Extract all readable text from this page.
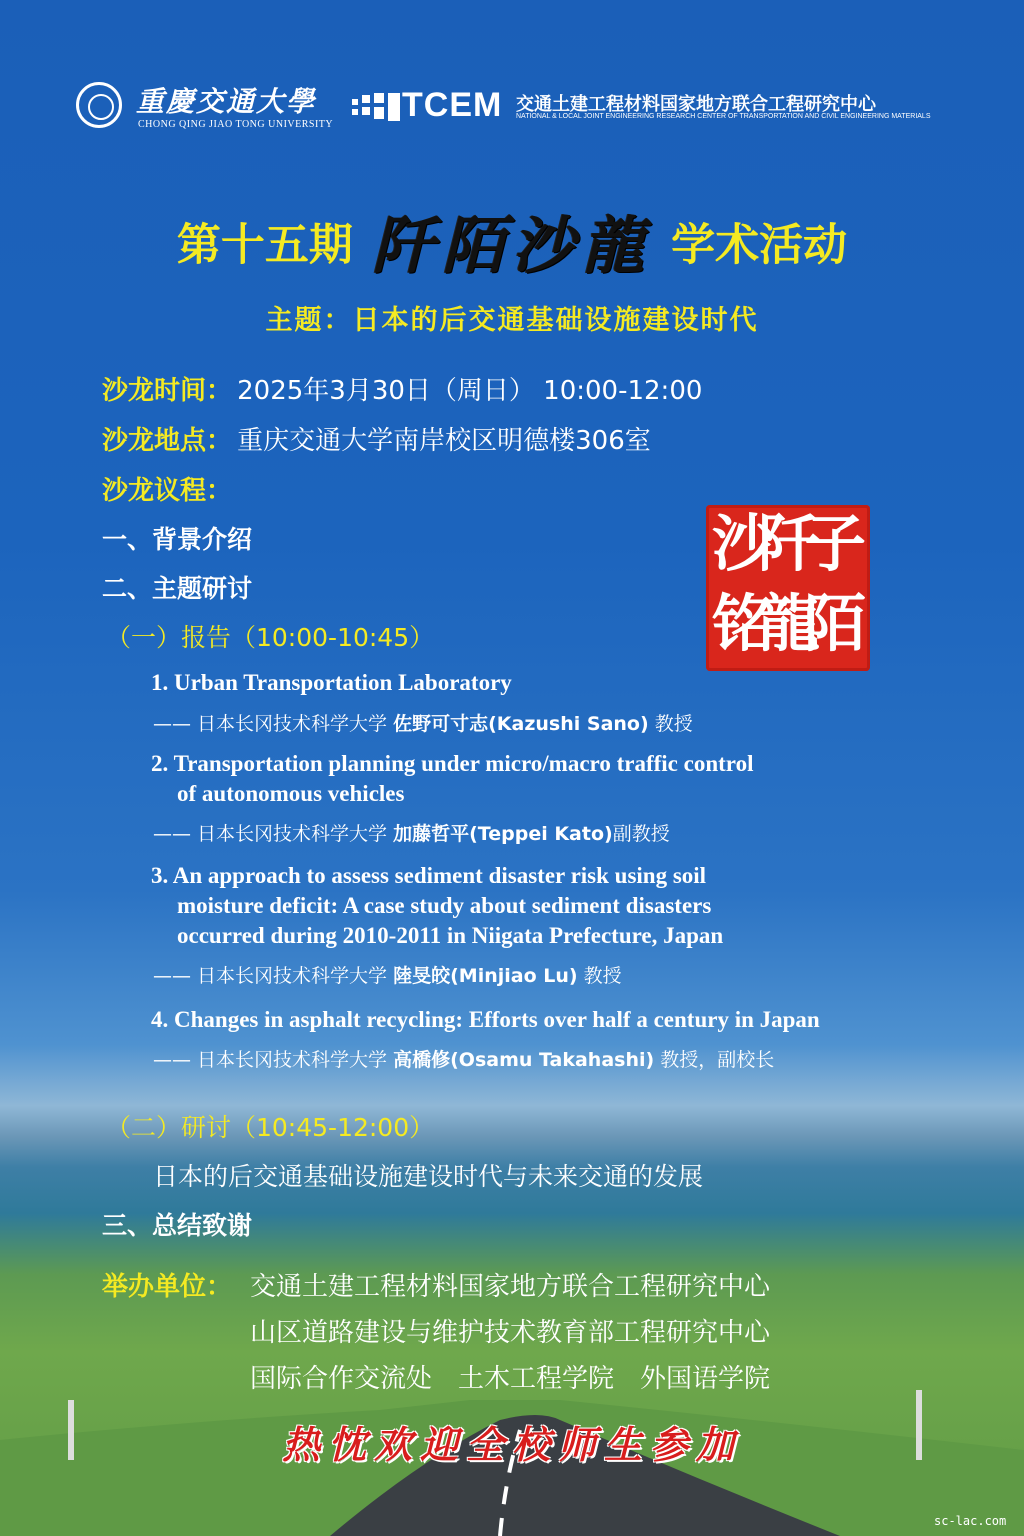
重慶交通大學
CHONG QING JIAO TONG UNIVERSITY
TCEM 交通土建工程材料国家地方联合工程研究中心
NATIONAL & LOCAL JOINT ENGINEERING RESEARCH CENTER OF TRANSPORTATION AND CIVIL ENGINEERING MATERIALS
第十五期 阡陌沙龍 学术活动
主题：日本的后交通基础设施建设时代
沙龙时间： 2025年3月30日（周日） 10:00-12:00
沙龙地点： 重庆交通大学南岸校区明德楼306室
沙龙议程：
一、背景介绍
二、主题研讨
（一）报告（10:00-10:45）
子
陌
阡
沙
龍
铭
1. Urban Transportation Laboratory
—— 日本长冈技术科学大学 佐野可寸志(Kazushi Sano) 教授
2. Transportation planning under micro/macro traffic control
of autonomous vehicles
—— 日本长冈技术科学大学 加藤哲平(Teppei Kato)副教授
3. An approach to assess sediment disaster risk using soil
moisture deficit: A case study about sediment disasters
occurred during 2010-2011 in Niigata Prefecture, Japan
—— 日本长冈技术科学大学 陸旻皎(Minjiao Lu) 教授
4. Changes in asphalt recycling: Efforts over half a century in Japan
—— 日本长冈技术科学大学 高橋修(Osamu Takahashi) 教授，副校长
（二）研讨（10:45-12:00）
日本的后交通基础设施建设时代与未来交通的发展
三、总结致谢
举办单位： 交通土建工程材料国家地方联合工程研究中心
山区道路建设与维护技术教育部工程研究中心
国际合作交流处　土木工程学院　外国语学院
热忱欢迎全校师生参加
sc-lac.com
